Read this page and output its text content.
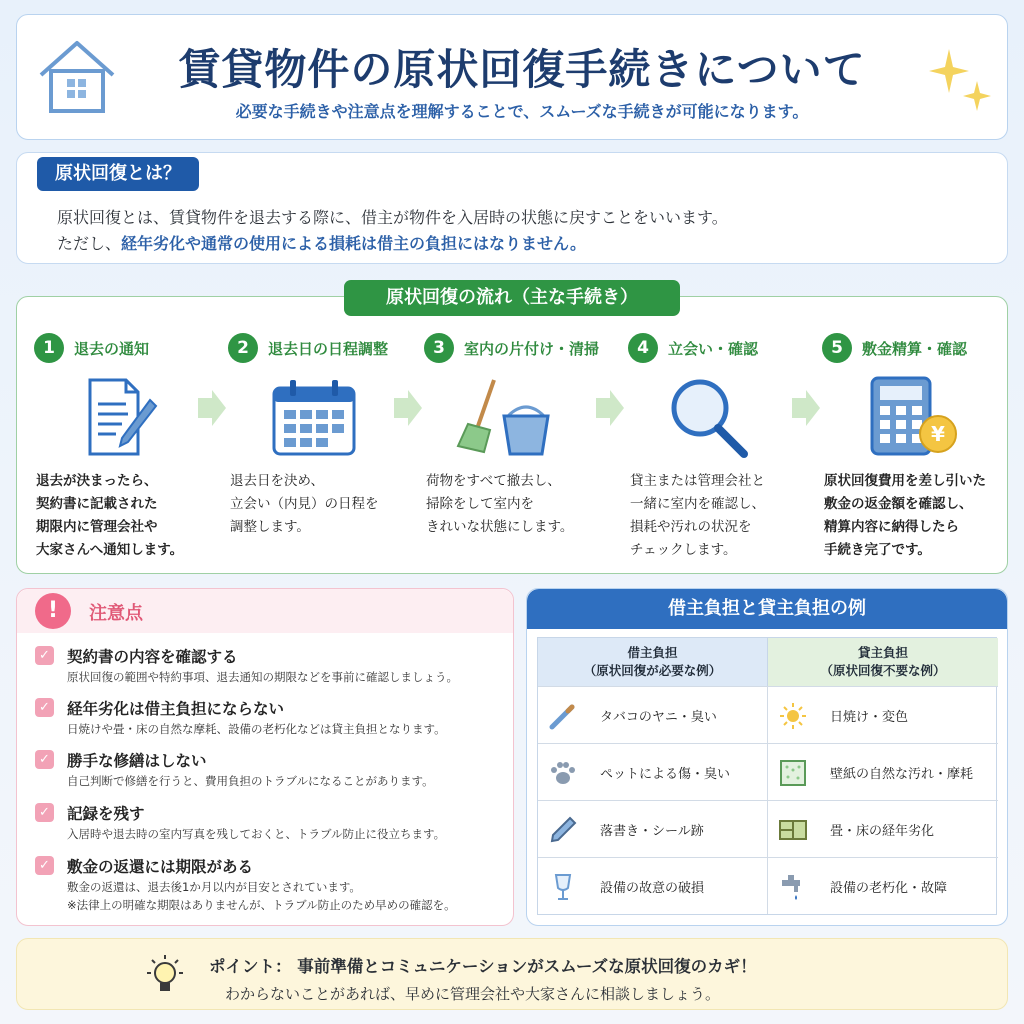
賃貸物件の原状回復手続きについて
必要な手続きや注意点を理解することで、スムーズな手続きが可能になります。
原状回復とは？
原状回復とは、賃貸物件を退去する際に、借主が物件を入居時の状態に戻すことをいいます。
ただし、経年劣化や通常の使用による損耗は借主の負担にはなりません。
原状回復の流れ（主な手続き）
1	退去の通知
退去が決まったら、
契約書に記載された
期限内に管理会社や
大家さんへ通知します。
2	退去日の日程調整
退去日を決め、
立会い（内見）の日程を
調整します。
3	室内の片付け・清掃
荷物をすべて撤去し、
掃除をして室内を
きれいな状態にします。
4	立会い・確認
貸主または管理会社と
一緒に室内を確認し、
損耗や汚れの状況を
チェックします。
5	敷金精算・確認
¥
原状回復費用を差し引いた
敷金の返金額を確認し、
精算内容に納得したら
手続き完了です。
!	注意点
✓ 契約書の内容を確認する
原状回復の範囲や特約事項、退去通知の期限などを事前に確認しましょう。
✓ 経年劣化は借主負担にならない
日焼けや畳・床の自然な摩耗、設備の老朽化などは貸主負担となります。
✓ 勝手な修繕はしない
自己判断で修繕を行うと、費用負担のトラブルになることがあります。
✓ 記録を残す
入居時や退去時の室内写真を残しておくと、トラブル防止に役立ちます。
✓ 敷金の返還には期限がある
敷金の返還は、退去後1か月以内が目安とされています。
※法律上の明確な期限はありませんが、トラブル防止のため早めの確認を。
借主負担と貸主負担の例
借主負担
（原状回復が必要な例）
貸主負担
（原状回復不要な例）
タバコのヤニ・臭い	日焼け・変色
ペットによる傷・臭い	壁紙の自然な汚れ・摩耗
落書き・シール跡	畳・床の経年劣化
設備の故意の破損	設備の老朽化・故障
ポイント： 事前準備とコミュニケーションがスムーズな原状回復のカギ！
わからないことがあれば、早めに管理会社や大家さんに相談しましょう。
